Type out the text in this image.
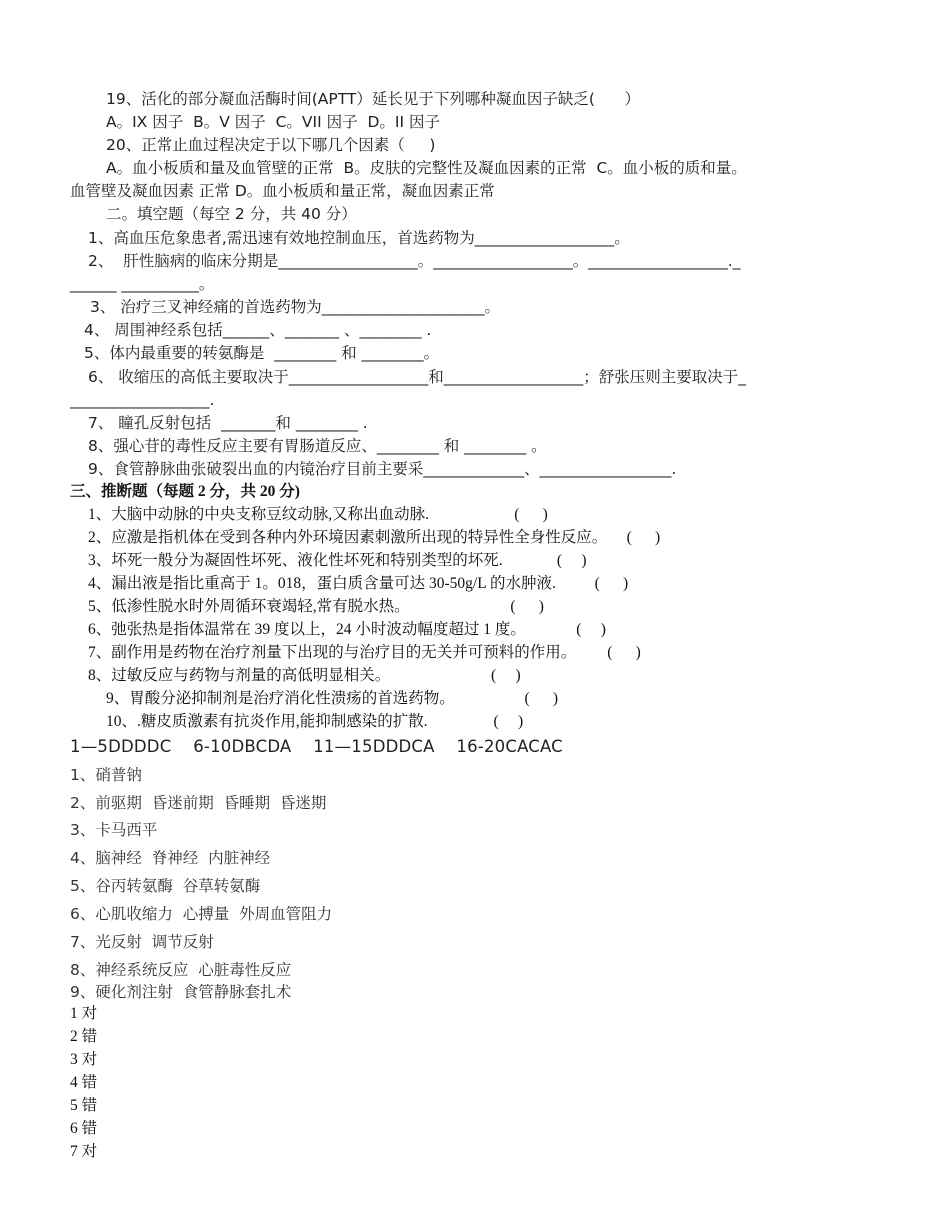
19、活化的部分凝血活酶时间(APTT）延长见于下列哪种凝血因子缺乏(      ）
A。IX 因子  B。V 因子  C。VII 因子  D。II 因子
20、正常止血过程决定于以下哪几个因素（     )
A。血小板质和量及血管壁的正常  B。皮肤的完整性及凝血因素的正常  C。血小板的质和量。
血管壁及凝血因素 正常 D。血小板质和量正常，凝血因素正常
二。填空题（每空 2 分，共 40 分）
1、高血压危象患者,需迅速有效地控制血压，首选药物为__________________。
2、  肝性脑病的临床分期是__________________。__________________。__________________._
______ __________。
3、 治疗三叉神经痛的首选药物为_____________________。
4、 周围神经系包括______、_______ 、________ .
5、体内最重要的转氨酶是  ________ 和 ________。
6、 收缩压的高低主要取决于__________________和__________________；舒张压则主要取决于_
__________________.
7、 瞳孔反射包括  _______和 ________ .
8、强心苷的毒性反应主要有胃肠道反应、________ 和 ________ 。
9、食管静脉曲张破裂出血的内镜治疗目前主要采_____________、_________________.
三、推断题（每题 2 分，共 20 分)
1、大脑中动脉的中央支称豆纹动脉,又称出血动脉.                      (      )
2、应激是指机体在受到各种内外环境因素刺激所出现的特异性全身性反应。     (      )
3、坏死一般分为凝固性坏死、液化性坏死和特别类型的坏死.              (     )
4、漏出液是指比重高于 1。018，蛋白质含量可达 30-50g/L 的水肿液.          (      )
5、低渗性脱水时外周循环衰竭轻,常有脱水热。                          (      )
6、弛张热是指体温常在 39 度以上，24 小时波动幅度超过 1 度。             (     )
7、副作用是药物在治疗剂量下出现的与治疗目的无关并可预料的作用。        (      )
8、过敏反应与药物与剂量的高低明显相关。                          (     )
9、胃酸分泌抑制剂是治疗消化性溃疡的首选药物。                  (      )
10、.糖皮质激素有抗炎作用,能抑制感染的扩散.                 (     )
1—5DDDDC    6-10DBCDA    11—15DDDCA    16-20CACAC
1、硝普钠
2、前驱期  昏迷前期  昏睡期  昏迷期
3、卡马西平
4、脑神经  脊神经  内脏神经
5、谷丙转氨酶  谷草转氨酶
6、心肌收缩力  心搏量  外周血管阻力
7、光反射  调节反射
8、神经系统反应  心脏毒性反应
9、硬化剂注射  食管静脉套扎术
1 对
2 错
3 对
4 错
5 错
6 错
7 对
